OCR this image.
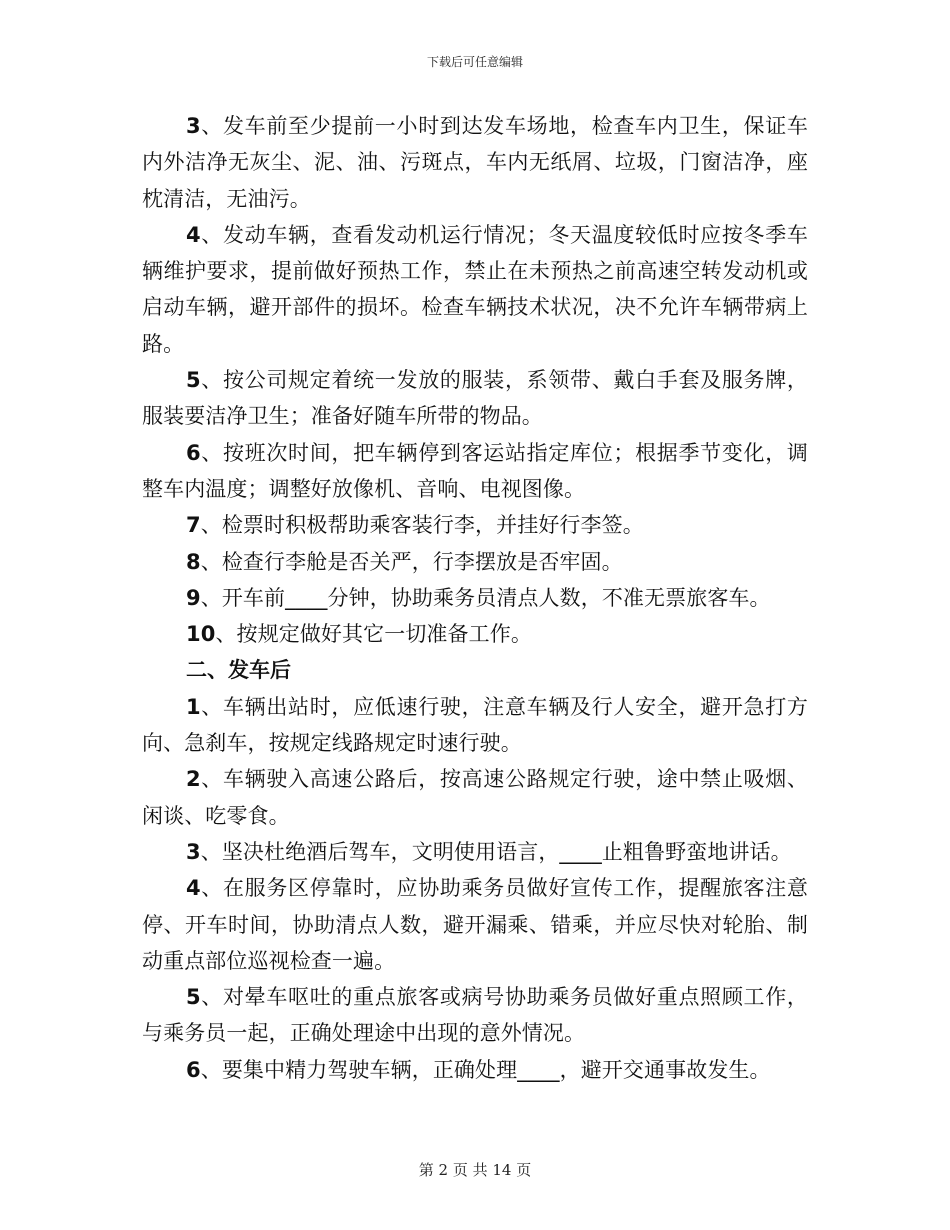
下载后可任意编辑

3、发车前至少提前一小时到达发车场地，检查车内卫生，保证车内外洁净无灰尘、泥、油、污斑点，车内无纸屑、垃圾，门窗洁净，座枕清洁，无油污。

4、发动车辆，查看发动机运行情况；冬天温度较低时应按冬季车辆维护要求，提前做好预热工作，禁止在未预热之前高速空转发动机或启动车辆，避开部件的损坏。检查车辆技术状况，决不允许车辆带病上路。

5、按公司规定着统一发放的服装，系领带、戴白手套及服务牌，服装要洁净卫生；准备好随车所带的物品。

6、按班次时间，把车辆停到客运站指定库位；根据季节变化，调整车内温度；调整好放像机、音响、电视图像。

7、检票时积极帮助乘客装行李，并挂好行李签。

8、检查行李舱是否关严，行李摆放是否牢固。

9、开车前____分钟，协助乘务员清点人数，不准无票旅客车。

10、按规定做好其它一切准备工作。

二、发车后

1、车辆出站时，应低速行驶，注意车辆及行人安全，避开急打方向、急刹车，按规定线路规定时速行驶。

2、车辆驶入高速公路后，按高速公路规定行驶，途中禁止吸烟、闲谈、吃零食。

3、坚决杜绝酒后驾车，文明使用语言，____止粗鲁野蛮地讲话。

4、在服务区停靠时，应协助乘务员做好宣传工作，提醒旅客注意停、开车时间，协助清点人数，避开漏乘、错乘，并应尽快对轮胎、制动重点部位巡视检查一遍。

5、对晕车呕吐的重点旅客或病号协助乘务员做好重点照顾工作，与乘务员一起，正确处理途中出现的意外情况。

6、要集中精力驾驶车辆，正确处理____，避开交通事故发生。

第 2 页 共 14 页
